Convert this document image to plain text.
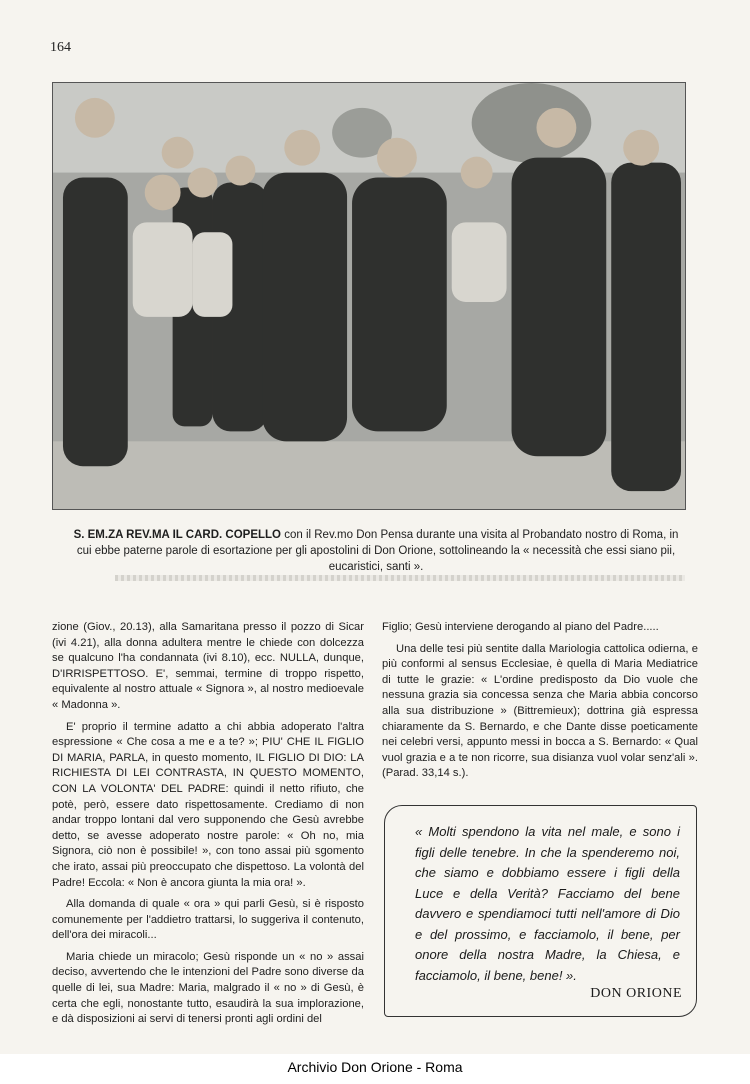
164
S. EM.ZA REV.MA IL CARD. COPELLO con il Rev.mo Don Pensa durante una visita al Probandato nostro di Roma, in cui ebbe paterne parole di esortazione per gli apostolini di Don Orione, sottolineando la « necessità che essi siano pii, eucaristici, santi ».

zione (Giov., 20.13), alla Samaritana presso il pozzo di Sicar (ivi 4.21), alla donna adultera mentre le chiede con dolcezza se qualcuno l'ha condannata (ivi 8.10), ecc. NULLA, dunque, D'IRRISPETTOSO. E', semmai, termine di troppo rispetto, equivalente al nostro attuale « Signora », al nostro medioevale « Madonna ».

E' proprio il termine adatto a chi abbia adoperato l'altra espressione « Che cosa a me e a te? »; PIU' CHE IL FIGLIO DI MARIA, PARLA, in questo momento, IL FIGLIO DI DIO: LA RICHIESTA DI LEI CONTRASTA, IN QUESTO MOMENTO, CON LA VOLONTA' DEL PADRE: quindi il netto rifiuto, che potè, però, essere dato rispettosamente. Crediamo di non andar troppo lontani dal vero supponendo che Gesù avrebbe detto, se avesse adoperato nostre parole: « Oh no, mia Signora, ciò non è possibile! », con tono assai più sgomento che irato, assai più preoccupato che dispettoso. La volontà del Padre! Eccola: « Non è ancora giunta la mia ora! ».

Alla domanda di quale « ora » qui parli Gesù, si è risposto comunemente per l'addietro trattarsi, lo suggeriva il contenuto, dell'ora dei miracoli...

Maria chiede un miracolo; Gesù risponde un « no » assai deciso, avvertendo che le intenzioni del Padre sono diverse da quelle di lei, sua Madre: Maria, malgrado il « no » di Gesù, è certa che egli, nonostante tutto, esaudirà la sua implorazione, e dà disposizioni ai servi di tenersi pronti agli ordini del

Figlio; Gesù interviene derogando al piano del Padre.....

Una delle tesi più sentite dalla Mariologia cattolica odierna, e più conformi al sensus Ecclesiae, è quella di Maria Mediatrice di tutte le grazie: « L'ordine predisposto da Dio vuole che nessuna grazia sia concessa senza che Maria abbia concorso alla sua distribuzione » (Bittremieux); dottrina già espressa chiaramente da S. Bernardo, e che Dante disse poeticamente nei celebri versi, appunto messi in bocca a S. Bernardo: « Qual vuol grazia e a te non ricorre, sua disianza vuol volar senz'ali ». (Parad. 33,14 s.).

« Molti spendono la vita nel male, e sono i figli delle tenebre. In che la spenderemo noi, che siamo e dobbiamo essere i figli della Luce e della Verità? Facciamo del bene davvero e spendiamoci tutti nell'amore di Dio e del prossimo, e facciamolo, il bene, per onore della nostra Madre, la Chiesa, e facciamolo, il bene, bene! ».
DON ORIONE
Archivio Don Orione - Roma
